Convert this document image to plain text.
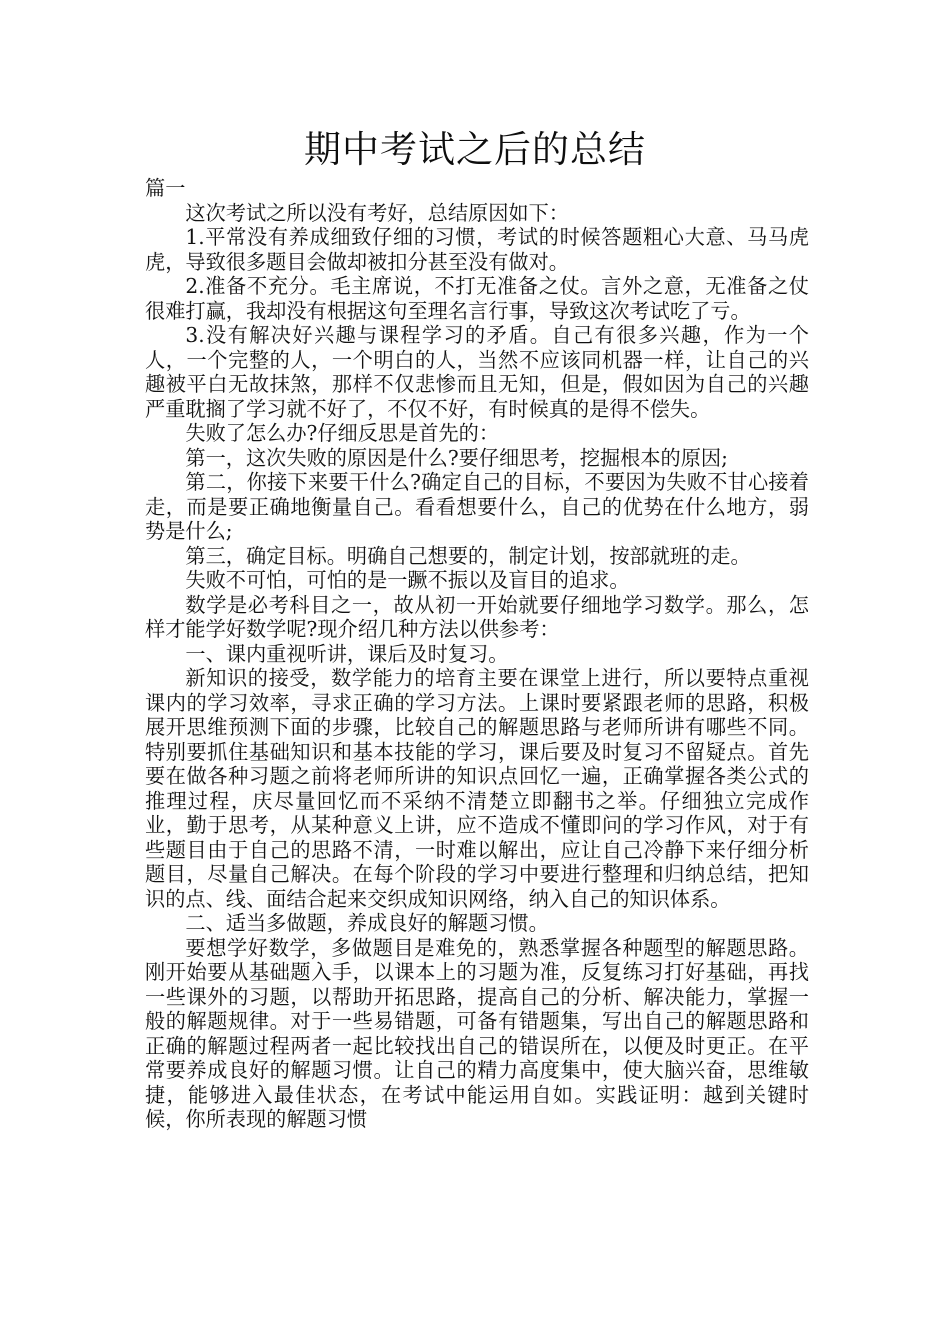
期中考试之后的总结

篇一

这次考试之所以没有考好，总结原因如下：

1.平常没有养成细致仔细的习惯，考试的时候答题粗心大意、马马虎虎，导致很多题目会做却被扣分甚至没有做对。

2.准备不充分。毛主席说，不打无准备之仗。言外之意，无准备之仗很难打赢，我却没有根据这句至理名言行事，导致这次考试吃了亏。

3.没有解决好兴趣与课程学习的矛盾。自己有很多兴趣，作为一个人，一个完整的人，一个明白的人，当然不应该同机器一样，让自己的兴趣被平白无故抹煞，那样不仅悲惨而且无知，但是，假如因为自己的兴趣严重耽搁了学习就不好了，不仅不好，有时候真的是得不偿失。

失败了怎么办?仔细反思是首先的：

第一，这次失败的原因是什么?要仔细思考，挖掘根本的原因;

第二，你接下来要干什么?确定自己的目标，不要因为失败不甘心接着走，而是要正确地衡量自己。看看想要什么，自己的优势在什么地方，弱势是什么;

第三，确定目标。明确自己想要的，制定计划，按部就班的走。

失败不可怕，可怕的是一蹶不振以及盲目的追求。

数学是必考科目之一，故从初一开始就要仔细地学习数学。那么，怎样才能学好数学呢?现介绍几种方法以供参考：

一、课内重视听讲，课后及时复习。

新知识的接受，数学能力的培育主要在课堂上进行，所以要特点重视课内的学习效率，寻求正确的学习方法。上课时要紧跟老师的思路，积极展开思维预测下面的步骤，比较自己的解题思路与老师所讲有哪些不同。特别要抓住基础知识和基本技能的学习，课后要及时复习不留疑点。首先要在做各种习题之前将老师所讲的知识点回忆一遍，正确掌握各类公式的推理过程，庆尽量回忆而不采纳不清楚立即翻书之举。仔细独立完成作业，勤于思考，从某种意义上讲，应不造成不懂即问的学习作风，对于有些题目由于自己的思路不清，一时难以解出，应让自己冷静下来仔细分析题目，尽量自己解决。在每个阶段的学习中要进行整理和归纳总结，把知识的点、线、面结合起来交织成知识网络，纳入自己的知识体系。

二、适当多做题，养成良好的解题习惯。

要想学好数学，多做题目是难免的，熟悉掌握各种题型的解题思路。刚开始要从基础题入手，以课本上的习题为准，反复练习打好基础，再找一些课外的习题，以帮助开拓思路，提高自己的分析、解决能力，掌握一般的解题规律。对于一些易错题，可备有错题集，写出自己的解题思路和正确的解题过程两者一起比较找出自己的错误所在，以便及时更正。在平常要养成良好的解题习惯。让自己的精力高度集中，使大脑兴奋，思维敏捷，能够进入最佳状态，在考试中能运用自如。实践证明：越到关键时候，你所表现的解题习惯
